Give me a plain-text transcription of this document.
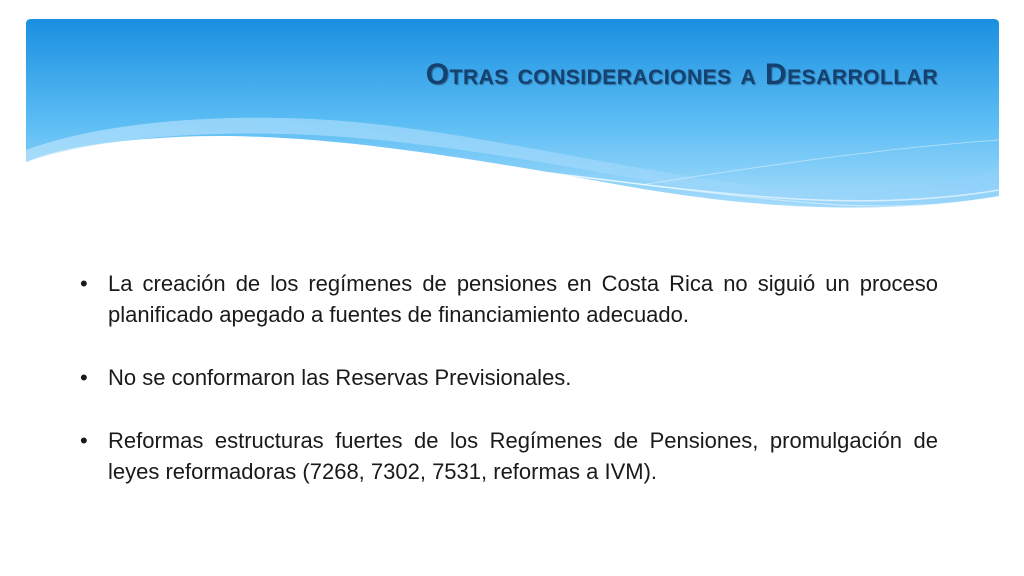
Otras consideraciones a Desarrollar
• La creación de los regímenes de pensiones en Costa Rica no siguió un proceso planificado apegado a fuentes de financiamiento adecuado.
• No se conformaron las Reservas Previsionales.
• Reformas estructuras fuertes de los Regímenes de Pensiones, promulgación de leyes reformadoras (7268, 7302, 7531, reformas a IVM).
